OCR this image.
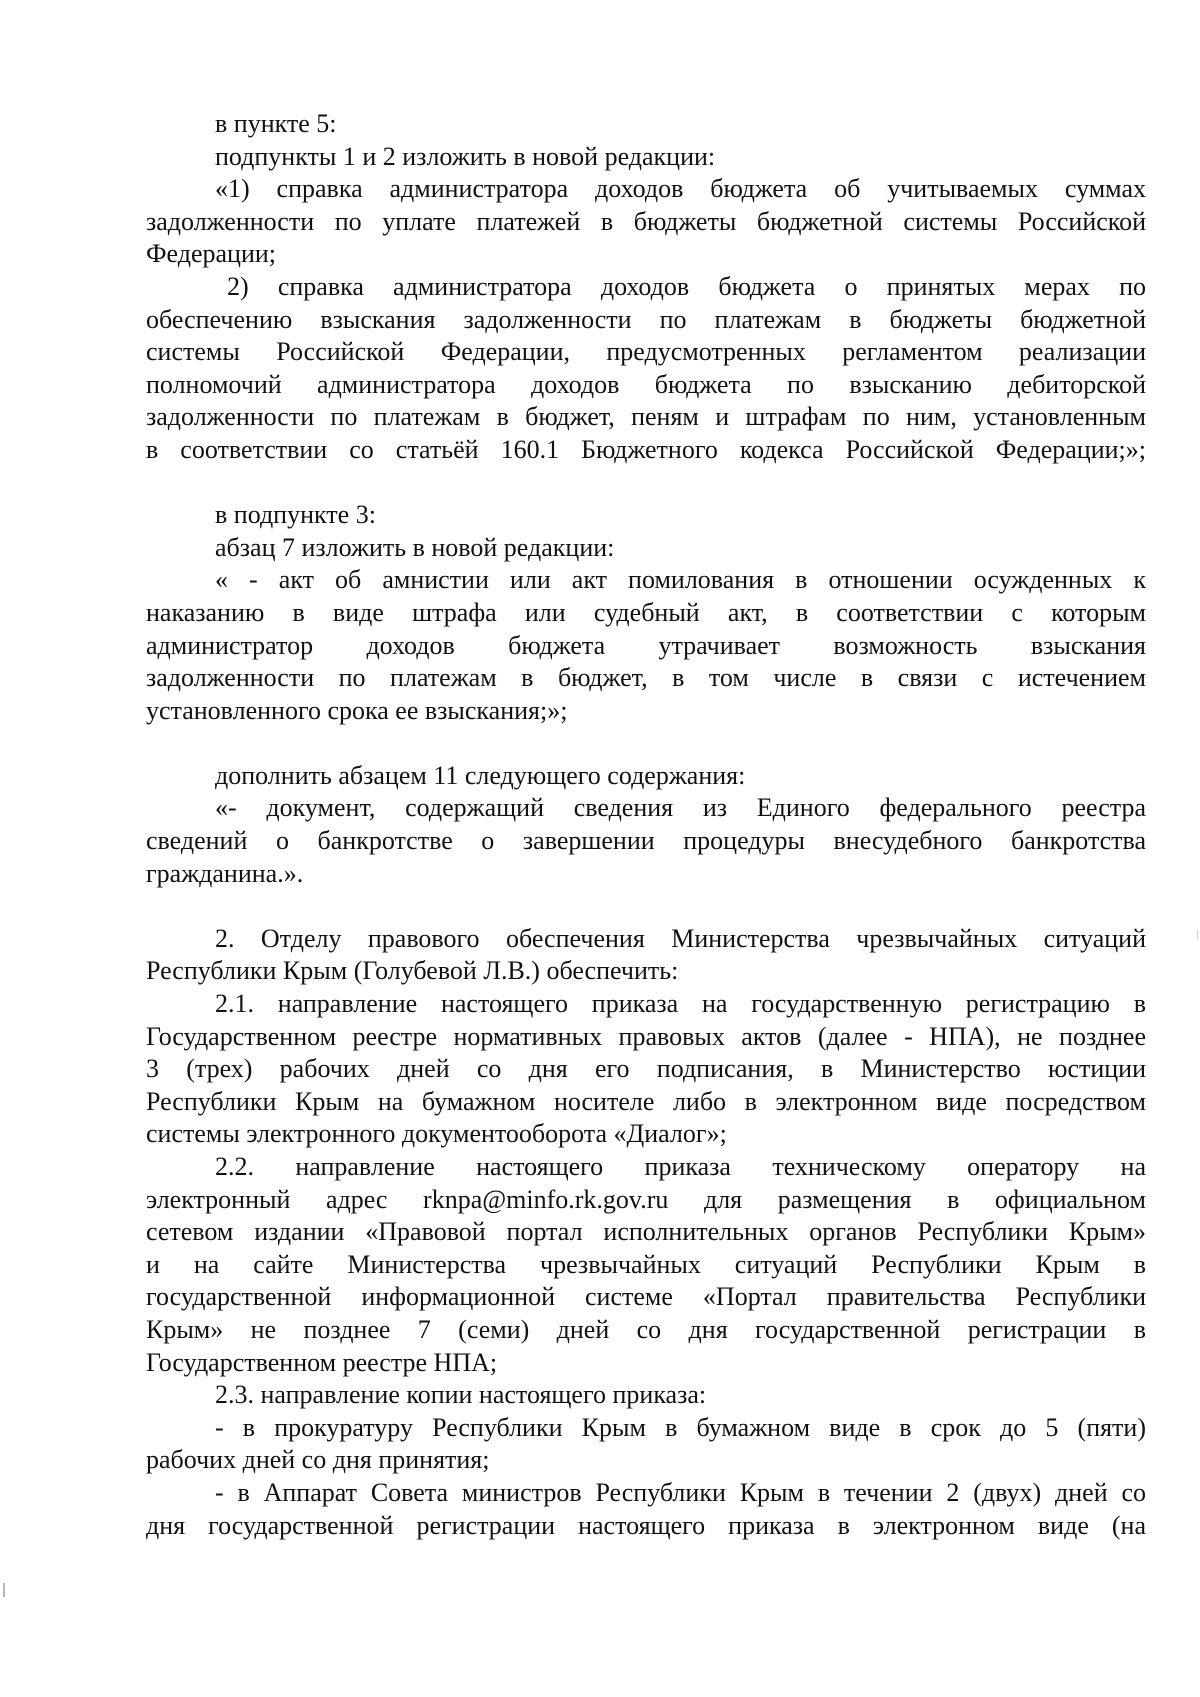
в пункте 5:
подпункты 1 и 2 изложить в новой редакции:
«1) справка администратора доходов бюджета об учитываемых суммах
задолженности по уплате платежей в бюджеты бюджетной системы Российской
Федерации;
2) справка администратора доходов бюджета о принятых мерах по
обеспечению взыскания задолженности по платежам в бюджеты бюджетной
системы Российской Федерации, предусмотренных регламентом реализации
полномочий администратора доходов бюджета по взысканию дебиторской
задолженности по платежам в бюджет, пеням и штрафам по ним, установленным
в соответствии со статьёй 160.1 Бюджетного кодекса Российской Федерации;»;
в подпункте 3:
абзац 7 изложить в новой редакции:
« - акт об амнистии или акт помилования в отношении осужденных к
наказанию в виде штрафа или судебный акт, в соответствии с которым
администратор доходов бюджета утрачивает возможность взыскания
задолженности по платежам в бюджет, в том числе в связи с истечением
установленного срока ее взыскания;»;
дополнить абзацем 11 следующего содержания:
«- документ, содержащий сведения из Единого федерального реестра
сведений о банкротстве о завершении процедуры внесудебного банкротства
гражданина.».
2. Отделу правового обеспечения Министерства чрезвычайных ситуаций
Республики Крым (Голубевой Л.В.) обеспечить:
2.1. направление настоящего приказа на государственную регистрацию в
Государственном реестре нормативных правовых актов (далее - НПА), не позднее
3 (трех) рабочих дней со дня его подписания, в Министерство юстиции
Республики Крым на бумажном носителе либо в электронном виде посредством
системы электронного документооборота «Диалог»;
2.2. направление настоящего приказа техническому оператору на
электронный адрес rknpa@minfo.rk.gov.ru для размещения в официальном
сетевом издании «Правовой портал исполнительных органов Республики Крым»
и на сайте Министерства чрезвычайных ситуаций Республики Крым в
государственной информационной системе «Портал правительства Республики
Крым» не позднее 7 (семи) дней со дня государственной регистрации в
Государственном реестре НПА;
2.3. направление копии настоящего приказа:
- в прокуратуру Республики Крым в бумажном виде в срок до 5 (пяти)
рабочих дней со дня принятия;
- в Аппарат Совета министров Республики Крым в течении 2 (двух) дней со
дня государственной регистрации настоящего приказа в электронном виде (на
